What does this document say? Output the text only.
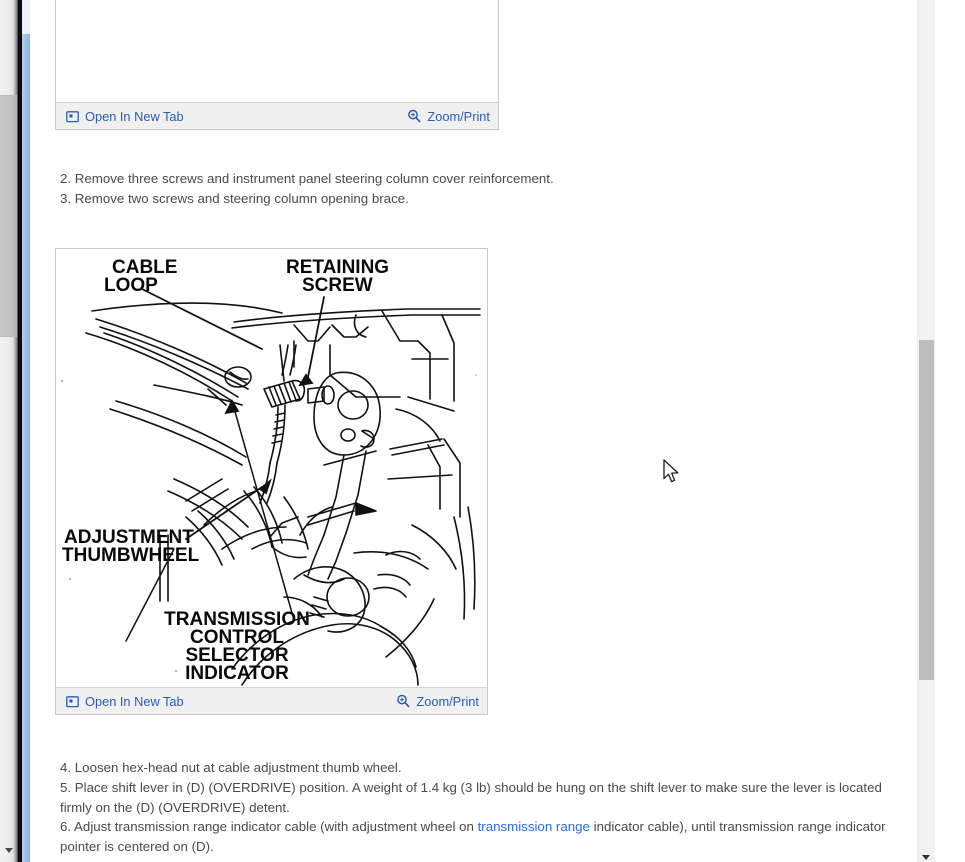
Open In New Tab	Zoom/Print

2. Remove three screws and instrument panel steering column cover reinforcement.

3. Remove two screws and steering column opening brace.

CABLE
LOOP
RETAINING
SCREW
ADJUSTMENT
THUMBWHEEL
TRANSMISSION
CONTROL
SELECTOR
INDICATOR
Open In New Tab	Zoom/Print

4. Loosen hex-head nut at cable adjustment thumb wheel.

5. Place shift lever in (D) (OVERDRIVE) position. A weight of 1.4 kg (3 lb) should be hung on the shift lever to make sure the lever is located firmly on the (D) (OVERDRIVE) detent.

6. Adjust transmission range indicator cable (with adjustment wheel on transmission range indicator cable), until transmission range indicator pointer is centered on (D).
